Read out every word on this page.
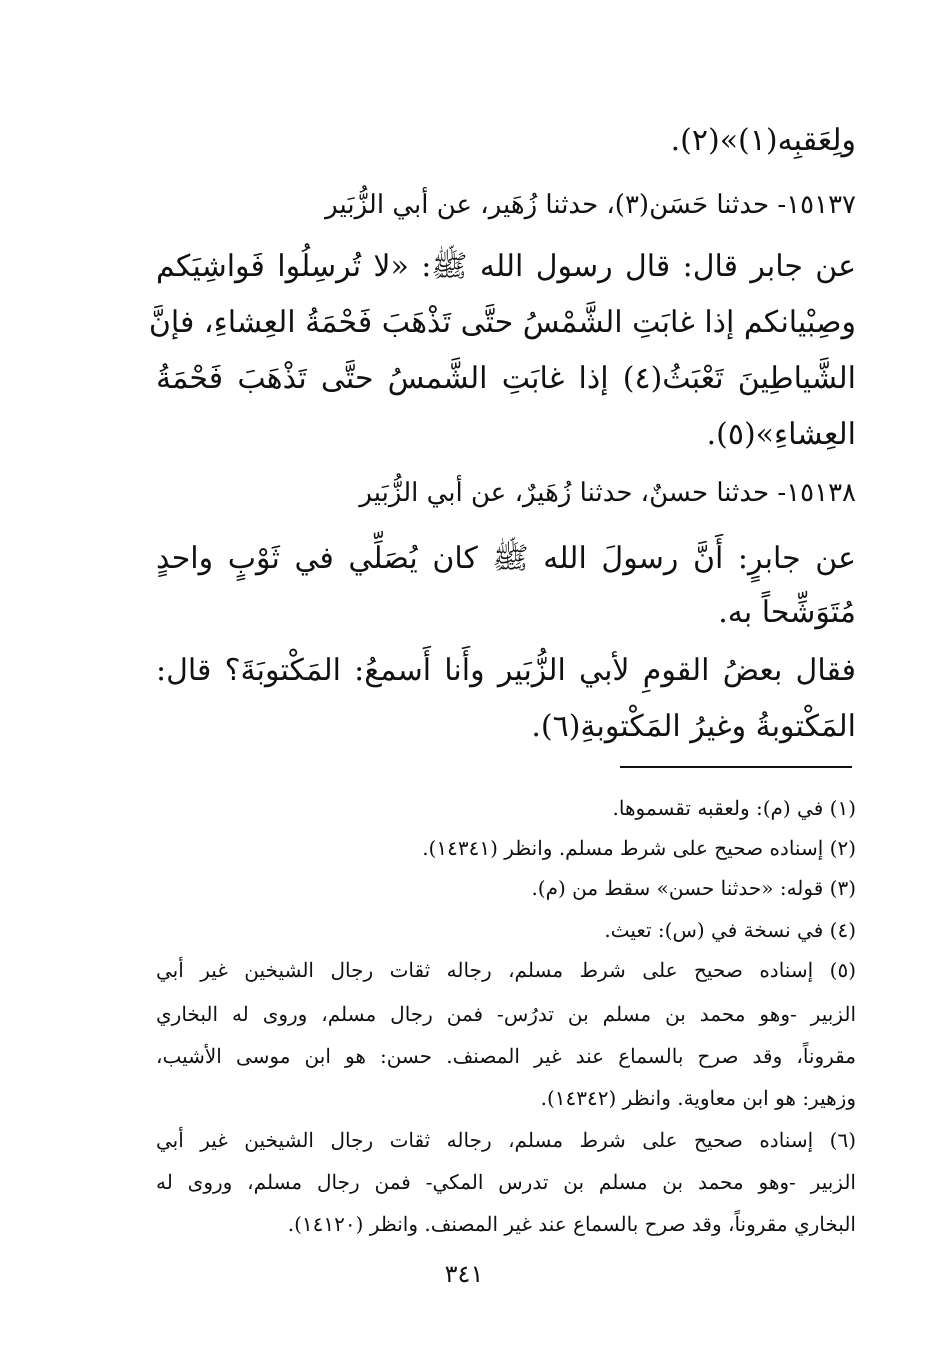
ولِعَقبِه(١)»(٢).
١٥١٣٧- حدثنا حَسَن(٣)، حدثنا زُهَير، عن أبي الزُّبَير
عن جابر قال: قال رسول الله ﷺ: «لا تُرسِلُوا فَواشِيَكم
وصِبْيانكم إذا غابَتِ الشَّمْسُ حتَّى تَذْهَبَ فَحْمَةُ العِشاءِ، فإنَّ
الشَّياطِينَ تَعْبَثُ(٤) إذا غابَتِ الشَّمسُ حتَّى تَذْهَبَ فَحْمَةُ
العِشاءِ»(٥).
١٥١٣٨- حدثنا حسنٌ، حدثنا زُهَيرٌ، عن أبي الزُّبَير
عن جابرٍ: أَنَّ رسولَ الله ﷺ كان يُصَلِّي في ثَوْبٍ واحدٍ
مُتَوَشِّحاً به.
فقال بعضُ القومِ لأبي الزُّبَير وأَنا أَسمعُ: المَكْتوبَةَ؟ قال:
المَكْتوبةُ وغيرُ المَكْتوبةِ(٦).
(١) في (م): ولعقبه تقسموها.
(٢) إسناده صحيح على شرط مسلم. وانظر (١٤٣٤١).
(٣) قوله: «حدثنا حسن» سقط من (م).
(٤) في نسخة في (س): تعيث.
(٥) إسناده صحيح على شرط مسلم، رجاله ثقات رجال الشيخين غير أبي
الزبير -وهو محمد بن مسلم بن تدرُس- فمن رجال مسلم، وروى له البخاري
مقروناً، وقد صرح بالسماع عند غير المصنف. حسن: هو ابن موسى الأشيب،
وزهير: هو ابن معاوية. وانظر (١٤٣٤٢).
(٦) إسناده صحيح على شرط مسلم، رجاله ثقات رجال الشيخين غير أبي
الزبير -وهو محمد بن مسلم بن تدرس المكي- فمن رجال مسلم، وروى له
البخاري مقروناً، وقد صرح بالسماع عند غير المصنف. وانظر (١٤١٢٠).
٣٤١
